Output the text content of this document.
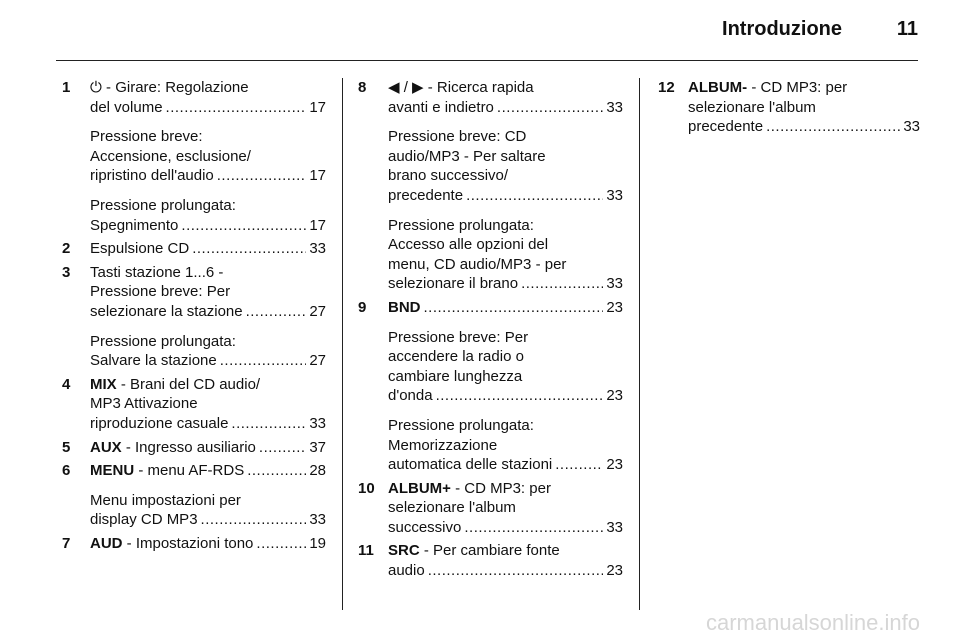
Introduzione	11
1	⏻ - Girare: Regolazione
del volume .....	17
Pressione breve:
Accensione, esclusione/
ripristino dell'audio .....	17
Pressione prolungata:
Spegnimento .....	17
2	Espulsione CD .....	33
3	Tasti stazione 1...6 -
Pressione breve: Per
selezionare la stazione .....	27
Pressione prolungata:
Salvare la stazione .....	27
4	MIX - Brani del CD audio/
MP3 Attivazione
riproduzione casuale .....	33
5	AUX - Ingresso ausiliario .....	37
6	MENU - menu AF-RDS .....	28
Menu impostazioni per
display CD MP3 .....	33
7	AUD - Impostazioni tono .....	19
8	◀ / ▶ - Ricerca rapida
avanti e indietro .....	33
Pressione breve: CD
audio/MP3 - Per saltare
brano successivo/
precedente .....	33
Pressione prolungata:
Accesso alle opzioni del
menu, CD audio/MP3 - per
selezionare il brano .....	33
9	BND .....	23
Pressione breve: Per
accendere la radio o
cambiare lunghezza
d'onda .....	23
Pressione prolungata:
Memorizzazione
automatica delle stazioni .....	23
10 ALBUM+ - CD MP3: per
selezionare l'album
successivo .....	33
11 SRC - Per cambiare fonte
audio .....	23
12 ALBUM- - CD MP3: per
selezionare l'album
precedente .....	33
carmanualsonline.info
